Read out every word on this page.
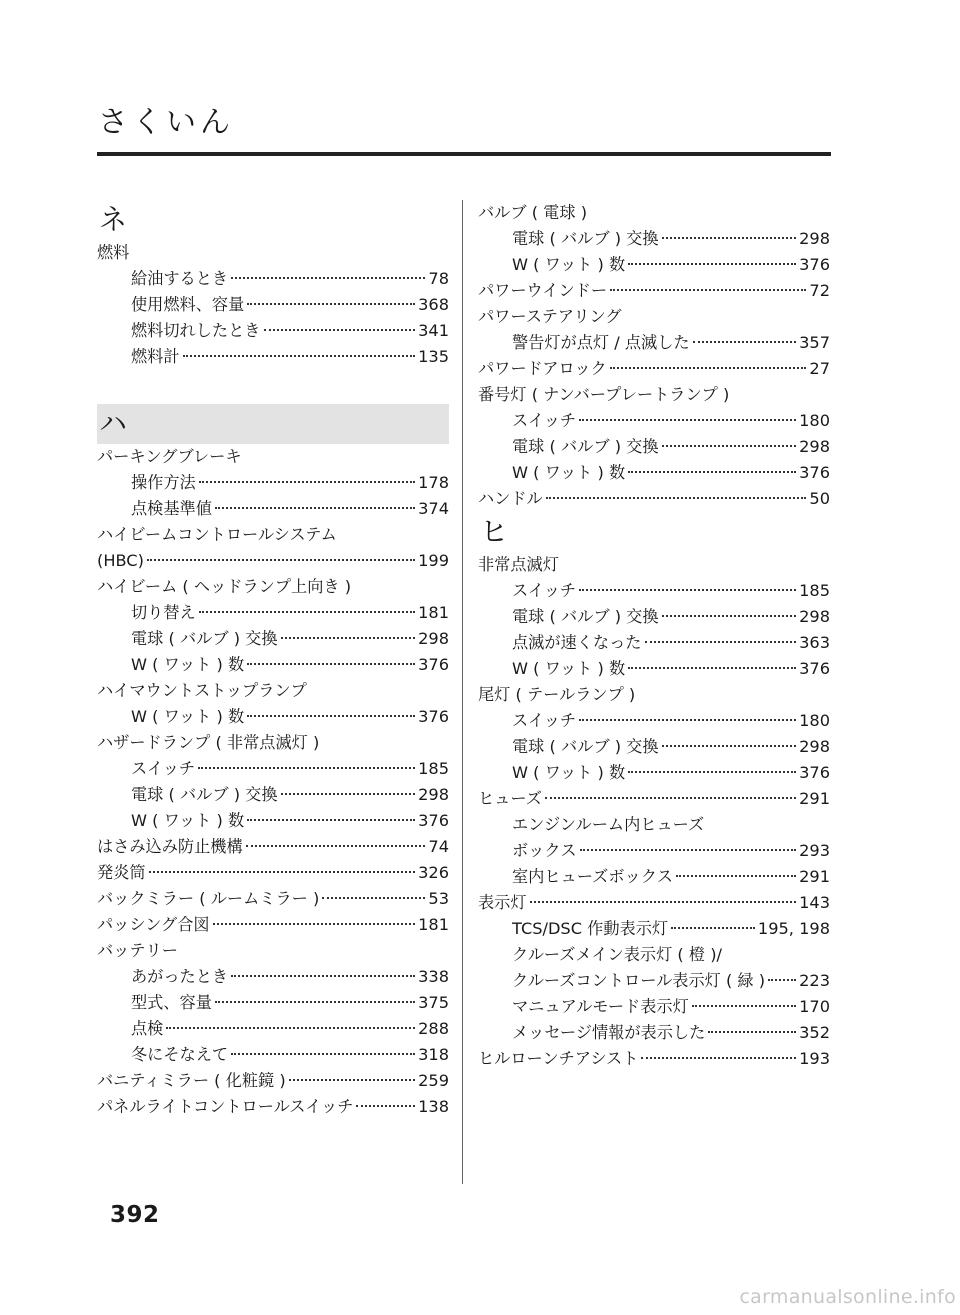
さくいん
ネ
燃料
給油するとき	78
使用燃料、容量	368
燃料切れしたとき	341
燃料計	135
ハ
パーキングブレーキ
操作方法	178
点検基準値	374
ハイビームコントロールシステム
(HBC)	199
ハイビーム ( ヘッドランプ上向き )
切り替え	181
電球 ( バルブ ) 交換	298
W ( ワット ) 数	376
ハイマウントストップランプ
W ( ワット ) 数	376
ハザードランプ ( 非常点滅灯 )
スイッチ	185
電球 ( バルブ ) 交換	298
W ( ワット ) 数	376
はさみ込み防止機構	74
発炎筒	326
バックミラー ( ルームミラー )	53
パッシング合図	181
バッテリー
あがったとき	338
型式、容量	375
点検	288
冬にそなえて	318
バニティミラー ( 化粧鏡 )	259
パネルライトコントロールスイッチ	138
バルブ ( 電球 )
電球 ( バルブ ) 交換	298
W ( ワット ) 数	376
パワーウインドー	72
パワーステアリング
警告灯が点灯 / 点滅した	357
パワードアロック	27
番号灯 ( ナンバープレートランプ )
スイッチ	180
電球 ( バルブ ) 交換	298
W ( ワット ) 数	376
ハンドル	50
ヒ
非常点滅灯
スイッチ	185
電球 ( バルブ ) 交換	298
点滅が速くなった	363
W ( ワット ) 数	376
尾灯 ( テールランプ )
スイッチ	180
電球 ( バルブ ) 交換	298
W ( ワット ) 数	376
ヒューズ	291
エンジンルーム内ヒューズ
ボックス	293
室内ヒューズボックス	291
表示灯	143
TCS/DSC 作動表示灯	195, 198
クルーズメイン表示灯 ( 橙 )/
クルーズコントロール表示灯 ( 緑 ) 223
マニュアルモード表示灯	170
メッセージ情報が表示した	352
ヒルローンチアシスト	193
392
carmanualsonline.info
